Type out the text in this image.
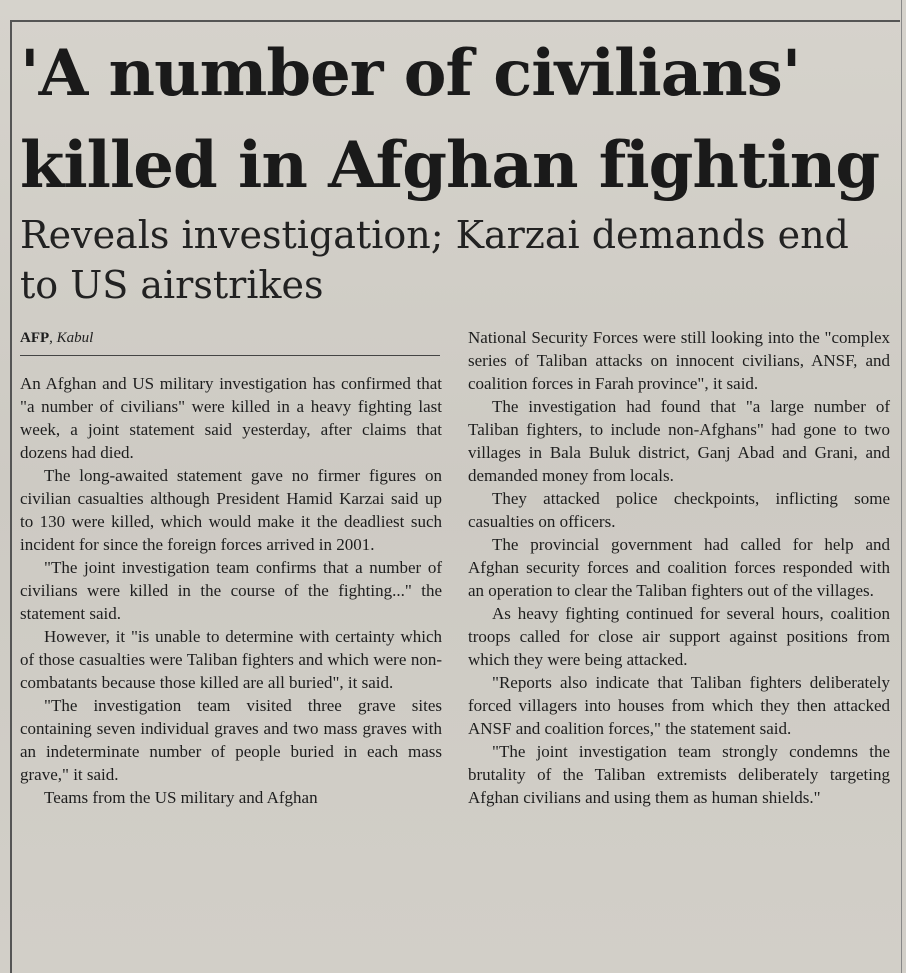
'A number of civilians' killed in Afghan fighting
Reveals investigation; Karzai demands end to US airstrikes
AFP, Kabul

An Afghan and US military investigation has confirmed that "a number of civilians" were killed in a heavy fighting last week, a joint statement said yesterday, after claims that dozens had died.

The long-awaited statement gave no firmer figures on civilian casualties although President Hamid Karzai said up to 130 were killed, which would make it the deadliest such incident for since the foreign forces arrived in 2001.

"The joint investigation team confirms that a number of civilians were killed in the course of the fighting..." the statement said.

However, it "is unable to determine with certainty which of those casualties were Taliban fighters and which were non-combatants because those killed are all buried", it said.

"The investigation team visited three grave sites containing seven individual graves and two mass graves with an indeterminate number of people buried in each mass grave," it said.

Teams from the US military and Afghan

National Security Forces were still looking into the "complex series of Taliban attacks on innocent civilians, ANSF, and coalition forces in Farah province", it said.

The investigation had found that "a large number of Taliban fighters, to include non-Afghans" had gone to two villages in Bala Buluk district, Ganj Abad and Grani, and demanded money from locals.

They attacked police checkpoints, inflicting some casualties on officers.

The provincial government had called for help and Afghan security forces and coalition forces responded with an operation to clear the Taliban fighters out of the villages.

As heavy fighting continued for several hours, coalition troops called for close air support against positions from which they were being attacked.

"Reports also indicate that Taliban fighters deliberately forced villagers into houses from which they then attacked ANSF and coalition forces," the statement said.

"The joint investigation team strongly condemns the brutality of the Taliban extremists deliberately targeting Afghan civilians and using them as human shields."
